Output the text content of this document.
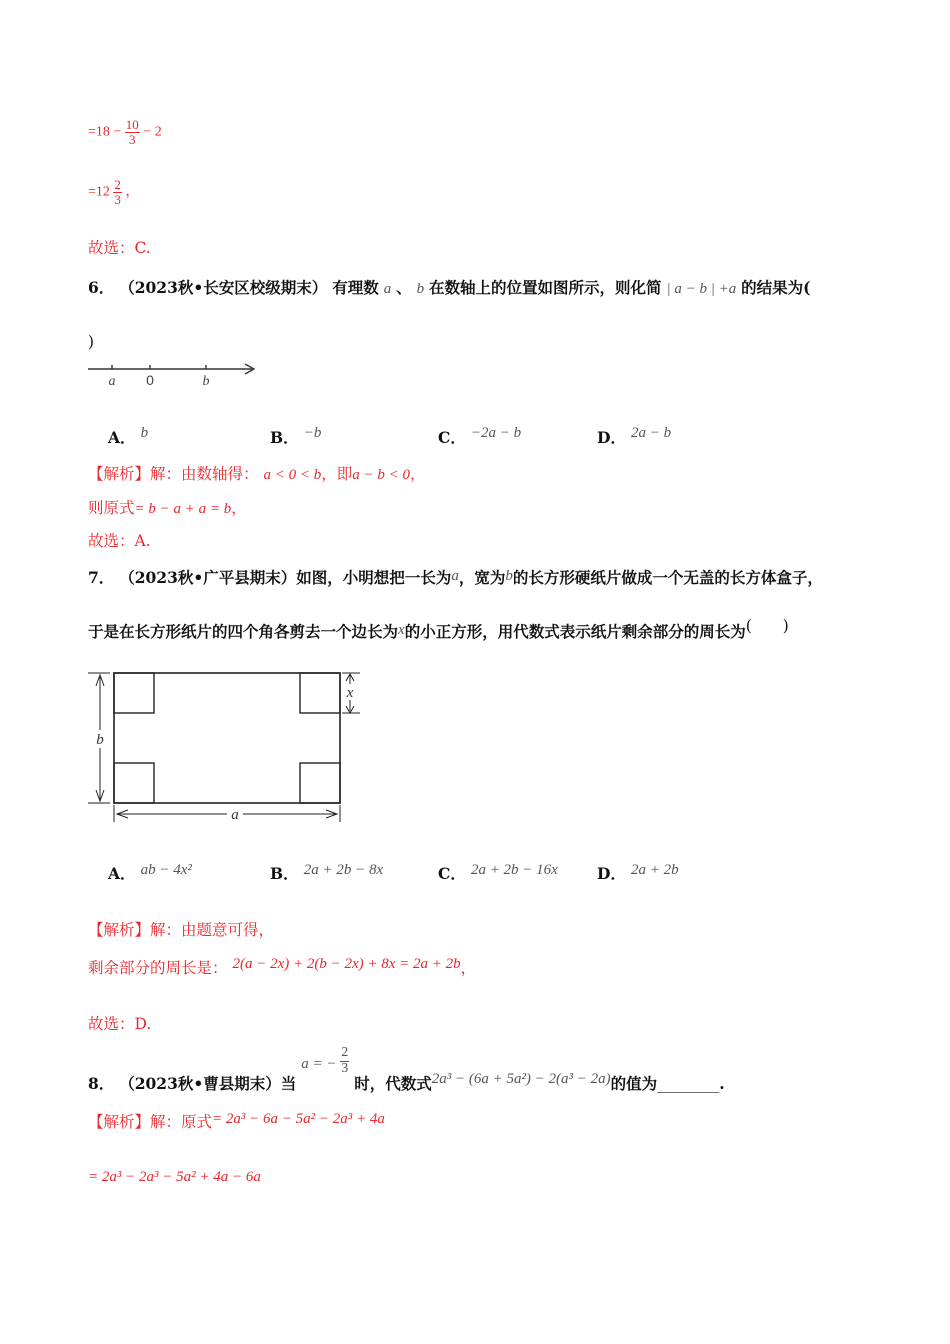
$=18 - \frac{10}{3} - 2$
$=12 \frac{2}{3}$ ，
故选：C.
6． （2023秋•长安区校级期末） 有理数 a 、 b 在数轴上的位置如图所示，则化简 | a − b | +a 的结果为(
)
a 0	b
A． b	B． −b	C． −2a − b	D． 2a − b
【解析】解：由数轴得： a < 0 < b，即a − b < 0，
则原式= b − a + a = b，
故选：A.
7． （2023秋•广平县期末）如图，小明想把一长为a，宽为b的长方形硬纸片做成一个无盖的长方体盒子，
于是在长方形纸片的四个角各剪去一个边长为x的小正方形，用代数式表示纸片剩余部分的周长为(　　)
b
x
a
A． ab − 4x²	B． 2a + 2b − 8x	C． 2a + 2b − 16x	D． 2a + 2b
【解析】解：由题意可得，
剩余部分的周长是： 2(a − 2x) + 2(b − 2x) + 8x = 2a + 2b，
故选：D.
8． （2023秋•曹县期末）当 a = − $\frac{2}{3}$
时，代数式2a³ − (6a + 5a²) − 2(a³ − 2a)的值为________.
【解析】解：原式= 2a³ − 6a − 5a² − 2a³ + 4a
= 2a³ − 2a³ − 5a² + 4a − 6a
